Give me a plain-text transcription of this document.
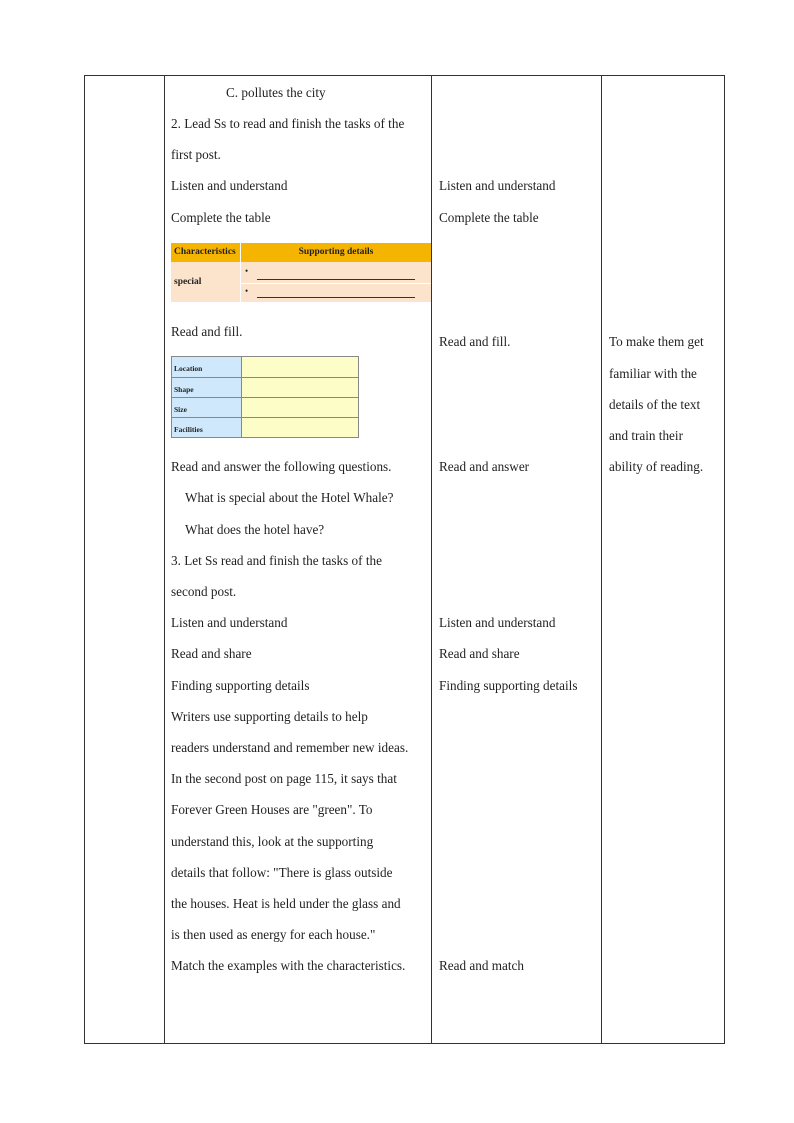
C. pollutes the city
2. Lead Ss to read and finish the tasks of the
first post.
Listen and understand
Complete the table
Characteristics	Supporting details
special
•
•
Read and fill.
Location
Shape
Size
Facilities
Read and answer the following questions.
What is special about the Hotel Whale?
What does the hotel have?
3. Let Ss read and finish the tasks of the
second post.
Listen and understand
Read and share
Finding supporting details
Writers use supporting details to help
readers understand and remember new ideas.
In the second post on page 115, it says that
Forever Green Houses are "green". To
understand this, look at the supporting
details that follow: "There is glass outside
the houses. Heat is held under the glass and
is then used as energy for each house."
Match the examples with the characteristics.
Listen and understand
Complete the table
Read and fill.
Read and answer
Listen and understand
Read and share
Finding supporting details
Read and match
To make them get
familiar with the
details of the text
and train their
ability of reading.
